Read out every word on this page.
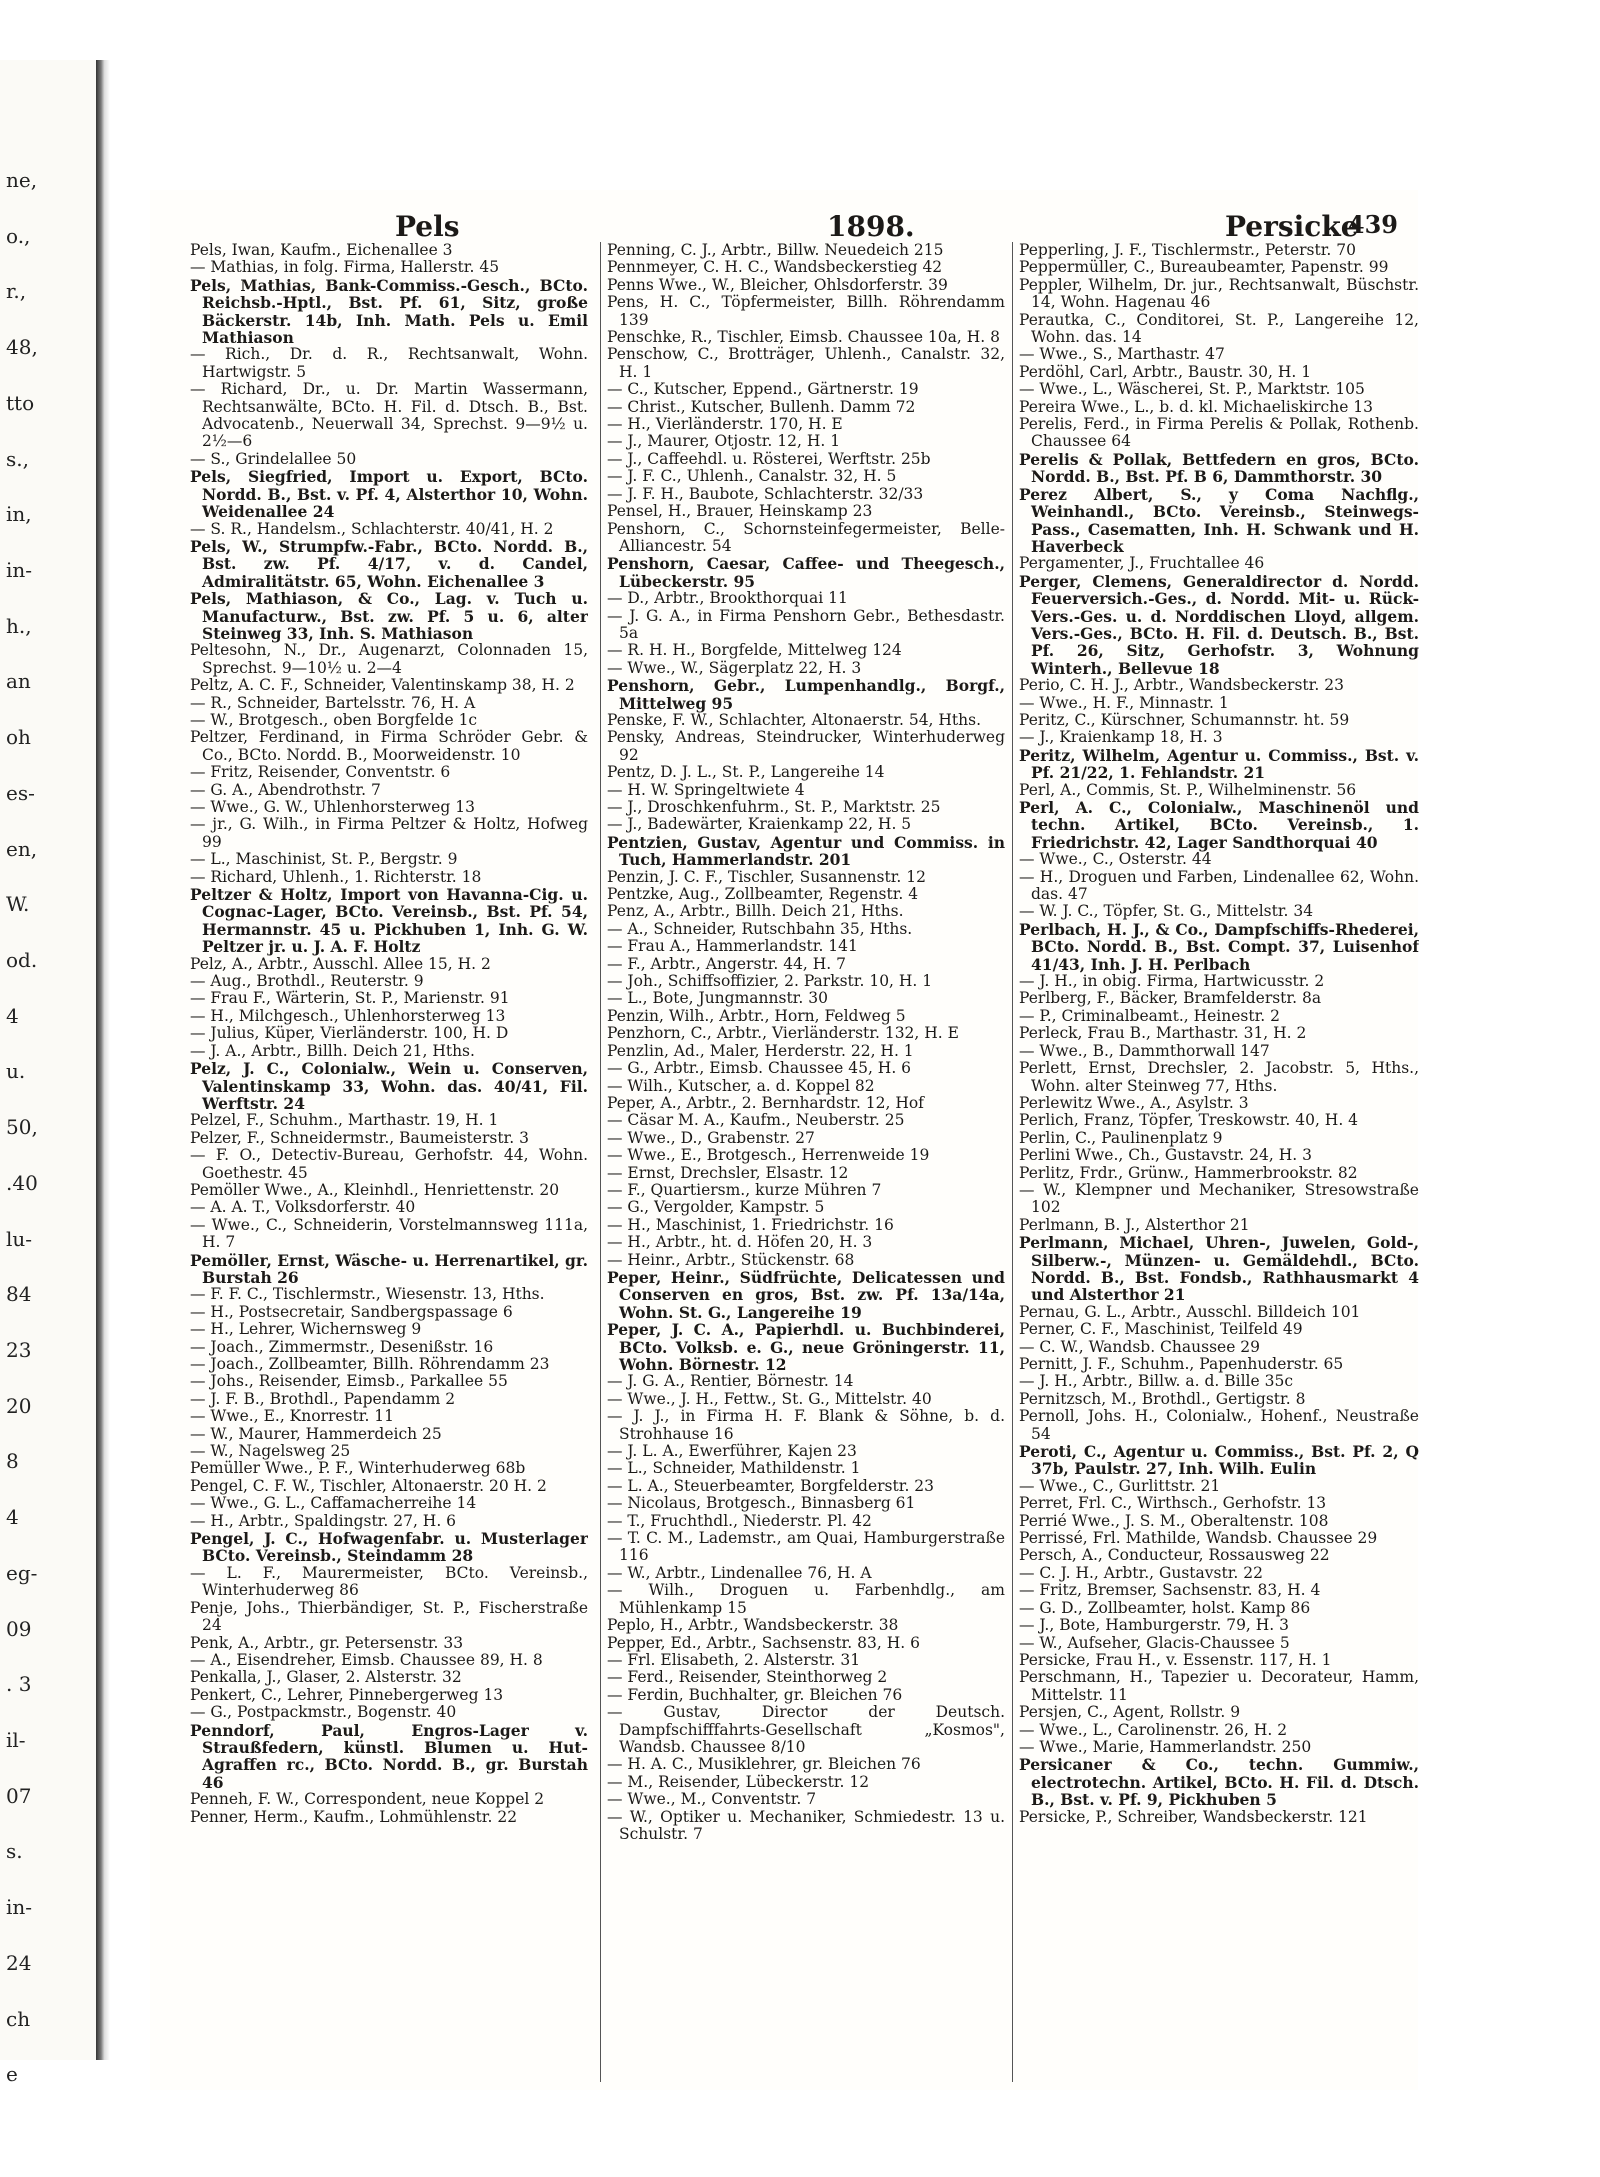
ne,
o.,
r.,
48,
tto
s.,
in,
in-
h.,
an
oh
es-
en,
W.
od.
4
u.
50,
.40
lu-
84
23
20
8
4
eg-
09
. 3
il-
07
s.
in-
24
ch
e
Pels	1898.	Persicke
439

Pels, Iwan, Kaufm., Eichenallee 3

— Mathias, in folg. Firma, Hallerstr. 45

Pels, Mathias, Bank-Commiss.-Gesch., BCto. Reichsb.-Hptl., Bst. Pf. 61, Sitz, große Bäckerstr. 14b, Inh. Math. Pels u. Emil Mathiason

— Rich., Dr. d. R., Rechtsanwalt, Wohn. Hartwigstr. 5

— Richard, Dr., u. Dr. Martin Wassermann, Rechtsanwälte, BCto. H. Fil. d. Dtsch. B., Bst. Advocatenb., Neuerwall 34, Sprechst. 9—9½ u. 2½—6

— S., Grindelallee 50

Pels, Siegfried, Import u. Export, BCto. Nordd. B., Bst. v. Pf. 4, Alsterthor 10, Wohn. Weidenallee 24

— S. R., Handelsm., Schlachterstr. 40/41, H. 2

Pels, W., Strumpfw.-Fabr., BCto. Nordd. B., Bst. zw. Pf. 4/17, v. d. Candel, Admiralitätstr. 65, Wohn. Eichenallee 3

Pels, Mathiason, & Co., Lag. v. Tuch u. Manufacturw., Bst. zw. Pf. 5 u. 6, alter Steinweg 33, Inh. S. Mathiason

Peltesohn, N., Dr., Augenarzt, Colonnaden 15, Sprechst. 9—10½ u. 2—4

Peltz, A. C. F., Schneider, Valentinskamp 38, H. 2

— R., Schneider, Bartelsstr. 76, H. A

— W., Brotgesch., oben Borgfelde 1c

Peltzer, Ferdinand, in Firma Schröder Gebr. & Co., BCto. Nordd. B., Moorweidenstr. 10

— Fritz, Reisender, Conventstr. 6

— G. A., Abendrothstr. 7

— Wwe., G. W., Uhlenhorsterweg 13

— jr., G. Wilh., in Firma Peltzer & Holtz, Hofweg 99

— L., Maschinist, St. P., Bergstr. 9

— Richard, Uhlenh., 1. Richterstr. 18

Peltzer & Holtz, Import von Havanna-Cig. u. Cognac-Lager, BCto. Vereinsb., Bst. Pf. 54, Hermannstr. 45 u. Pickhuben 1, Inh. G. W. Peltzer jr. u. J. A. F. Holtz

Pelz, A., Arbtr., Ausschl. Allee 15, H. 2

— Aug., Brothdl., Reuterstr. 9

— Frau F., Wärterin, St. P., Marienstr. 91

— H., Milchgesch., Uhlenhorsterweg 13

— Julius, Küper, Vierländerstr. 100, H. D

— J. A., Arbtr., Billh. Deich 21, Hths.

Pelz, J. C., Colonialw., Wein u. Conserven, Valentinskamp 33, Wohn. das. 40/41, Fil. Werftstr. 24

Pelzel, F., Schuhm., Marthastr. 19, H. 1

Pelzer, F., Schneidermstr., Baumeisterstr. 3

— F. O., Detectiv-Bureau, Gerhofstr. 44, Wohn. Goethestr. 45

Pemöller Wwe., A., Kleinhdl., Henriettenstr. 20

— A. A. T., Volksdorferstr. 40

— Wwe., C., Schneiderin, Vorstelmannsweg 111a, H. 7

Pemöller, Ernst, Wäsche- u. Herrenartikel, gr. Burstah 26

— F. F. C., Tischlermstr., Wiesenstr. 13, Hths.

— H., Postsecretair, Sandbergspassage 6

— H., Lehrer, Wichernsweg 9

— Joach., Zimmermstr., Desenißstr. 16

— Joach., Zollbeamter, Billh. Röhrendamm 23

— Johs., Reisender, Eimsb., Parkallee 55

— J. F. B., Brothdl., Papendamm 2

— Wwe., E., Knorrestr. 11

— W., Maurer, Hammerdeich 25

— W., Nagelsweg 25

Pemüller Wwe., P. F., Winterhuderweg 68b

Pengel, C. F. W., Tischler, Altonaerstr. 20 H. 2

— Wwe., G. L., Caffamacherreihe 14

— H., Arbtr., Spaldingstr. 27, H. 6

Pengel, J. C., Hofwagenfabr. u. Musterlager BCto. Vereinsb., Steindamm 28

— L. F., Maurermeister, BCto. Vereinsb., Winterhuderweg 86

Penje, Johs., Thierbändiger, St. P., Fischerstraße 24

Penk, A., Arbtr., gr. Petersenstr. 33

— A., Eisendreher, Eimsb. Chaussee 89, H. 8

Penkalla, J., Glaser, 2. Alsterstr. 32

Penkert, C., Lehrer, Pinnebergerweg 13

— G., Postpackmstr., Bogenstr. 40

Penndorf, Paul, Engros-Lager v. Straußfedern, künstl. Blumen u. Hut-Agraffen rc., BCto. Nordd. B., gr. Burstah 46

Penneh, F. W., Correspondent, neue Koppel 2

Penner, Herm., Kaufm., Lohmühlenstr. 22

Penning, C. J., Arbtr., Billw. Neuedeich 215

Pennmeyer, C. H. C., Wandsbeckerstieg 42

Penns Wwe., W., Bleicher, Ohlsdorferstr. 39

Pens, H. C., Töpfermeister, Billh. Röhrendamm 139

Penschke, R., Tischler, Eimsb. Chaussee 10a, H. 8

Penschow, C., Brotträger, Uhlenh., Canalstr. 32, H. 1

— C., Kutscher, Eppend., Gärtnerstr. 19

— Christ., Kutscher, Bullenh. Damm 72

— H., Vierländerstr. 170, H. E

— J., Maurer, Otjostr. 12, H. 1

— J., Caffeehdl. u. Rösterei, Werftstr. 25b

— J. F. C., Uhlenh., Canalstr. 32, H. 5

— J. F. H., Baubote, Schlachterstr. 32/33

Pensel, H., Brauer, Heinskamp 23

Penshorn, C., Schornsteinfegermeister, Belle-Alliancestr. 54

Penshorn, Caesar, Caffee- und Theegesch., Lübeckerstr. 95

— D., Arbtr., Brookthorquai 11

— J. G. A., in Firma Penshorn Gebr., Bethesdastr. 5a

— R. H. H., Borgfelde, Mittelweg 124

— Wwe., W., Sägerplatz 22, H. 3

Penshorn, Gebr., Lumpenhandlg., Borgf., Mittelweg 95

Penske, F. W., Schlachter, Altonaerstr. 54, Hths.

Pensky, Andreas, Steindrucker, Winterhuderweg 92

Pentz, D. J. L., St. P., Langereihe 14

— H. W. Springeltwiete 4

— J., Droschkenfuhrm., St. P., Marktstr. 25

— J., Badewärter, Kraienkamp 22, H. 5

Pentzien, Gustav, Agentur und Commiss. in Tuch, Hammerlandstr. 201

Penzin, J. C. F., Tischler, Susannenstr. 12

Pentzke, Aug., Zollbeamter, Regenstr. 4

Penz, A., Arbtr., Billh. Deich 21, Hths.

— A., Schneider, Rutschbahn 35, Hths.

— Frau A., Hammerlandstr. 141

— F., Arbtr., Angerstr. 44, H. 7

— Joh., Schiffsoffizier, 2. Parkstr. 10, H. 1

— L., Bote, Jungmannstr. 30

Penzin, Wilh., Arbtr., Horn, Feldweg 5

Penzhorn, C., Arbtr., Vierländerstr. 132, H. E

Penzlin, Ad., Maler, Herderstr. 22, H. 1

— G., Arbtr., Eimsb. Chaussee 45, H. 6

— Wilh., Kutscher, a. d. Koppel 82

Peper, A., Arbtr., 2. Bernhardstr. 12, Hof

— Cäsar M. A., Kaufm., Neuberstr. 25

— Wwe., D., Grabenstr. 27

— Wwe., E., Brotgesch., Herrenweide 19

— Ernst, Drechsler, Elsastr. 12

— F., Quartiersm., kurze Mühren 7

— G., Vergolder, Kampstr. 5

— H., Maschinist, 1. Friedrichstr. 16

— H., Arbtr., ht. d. Höfen 20, H. 3

— Heinr., Arbtr., Stückenstr. 68

Peper, Heinr., Südfrüchte, Delicatessen und Conserven en gros, Bst. zw. Pf. 13a/14a, Wohn. St. G., Langereihe 19

Peper, J. C. A., Papierhdl. u. Buchbinderei, BCto. Volksb. e. G., neue Gröningerstr. 11, Wohn. Börnestr. 12

— J. G. A., Rentier, Börnestr. 14

— Wwe., J. H., Fettw., St. G., Mittelstr. 40

— J. J., in Firma H. F. Blank & Söhne, b. d. Strohhause 16

— J. L. A., Ewerführer, Kajen 23

— L., Schneider, Mathildenstr. 1

— L. A., Steuerbeamter, Borgfelderstr. 23

— Nicolaus, Brotgesch., Binnasberg 61

— T., Fruchthdl., Niederstr. Pl. 42

— T. C. M., Lademstr., am Quai, Hamburgerstraße 116

— W., Arbtr., Lindenallee 76, H. A

— Wilh., Droguen u. Farbenhdlg., am Mühlenkamp 15

Peplo, H., Arbtr., Wandsbeckerstr. 38

Pepper, Ed., Arbtr., Sachsenstr. 83, H. 6

— Frl. Elisabeth, 2. Alsterstr. 31

— Ferd., Reisender, Steinthorweg 2

— Ferdin, Buchhalter, gr. Bleichen 76

— Gustav, Director der Deutsch. Dampfschifffahrts-Gesellschaft „Kosmos", Wandsb. Chaussee 8/10

— H. A. C., Musiklehrer, gr. Bleichen 76

— M., Reisender, Lübeckerstr. 12

— Wwe., M., Conventstr. 7

— W., Optiker u. Mechaniker, Schmiedestr. 13 u. Schulstr. 7

Pepperling, J. F., Tischlermstr., Peterstr. 70

Peppermüller, C., Bureaubeamter, Papenstr. 99

Peppler, Wilhelm, Dr. jur., Rechtsanwalt, Büschstr. 14, Wohn. Hagenau 46

Perautka, C., Conditorei, St. P., Langereihe 12, Wohn. das. 14

— Wwe., S., Marthastr. 47

Perdöhl, Carl, Arbtr., Baustr. 30, H. 1

— Wwe., L., Wäscherei, St. P., Marktstr. 105

Pereira Wwe., L., b. d. kl. Michaeliskirche 13

Perelis, Ferd., in Firma Perelis & Pollak, Rothenb. Chaussee 64

Perelis & Pollak, Bettfedern en gros, BCto. Nordd. B., Bst. Pf. B 6, Dammthorstr. 30

Perez Albert, S., y Coma Nachflg., Weinhandl., BCto. Vereinsb., Steinwegs-Pass., Casematten, Inh. H. Schwank und H. Haverbeck

Pergamenter, J., Fruchtallee 46

Perger, Clemens, Generaldirector d. Nordd. Feuerversich.-Ges., d. Nordd. Mit- u. Rück-Vers.-Ges. u. d. Norddischen Lloyd, allgem. Vers.-Ges., BCto. H. Fil. d. Deutsch. B., Bst. Pf. 26, Sitz, Gerhofstr. 3, Wohnung Winterh., Bellevue 18

Perio, C. H. J., Arbtr., Wandsbeckerstr. 23

— Wwe., H. F., Minnastr. 1

Peritz, C., Kürschner, Schumannstr. ht. 59

— J., Kraienkamp 18, H. 3

Peritz, Wilhelm, Agentur u. Commiss., Bst. v. Pf. 21/22, 1. Fehlandstr. 21

Perl, A., Commis, St. P., Wilhelminenstr. 56

Perl, A. C., Colonialw., Maschinenöl und techn. Artikel, BCto. Vereinsb., 1. Friedrichstr. 42, Lager Sandthorquai 40

— Wwe., C., Osterstr. 44

— H., Droguen und Farben, Lindenallee 62, Wohn. das. 47

— W. J. C., Töpfer, St. G., Mittelstr. 34

Perlbach, H. J., & Co., Dampfschiffs-Rhederei, BCto. Nordd. B., Bst. Compt. 37, Luisenhof 41/43, Inh. J. H. Perlbach

— J. H., in obig. Firma, Hartwicusstr. 2

Perlberg, F., Bäcker, Bramfelderstr. 8a

— P., Criminalbeamt., Heinestr. 2

Perleck, Frau B., Marthastr. 31, H. 2

— Wwe., B., Dammthorwall 147

Perlett, Ernst, Drechsler, 2. Jacobstr. 5, Hths., Wohn. alter Steinweg 77, Hths.

Perlewitz Wwe., A., Asylstr. 3

Perlich, Franz, Töpfer, Treskowstr. 40, H. 4

Perlin, C., Paulinenplatz 9

Perlini Wwe., Ch., Gustavstr. 24, H. 3

Perlitz, Frdr., Grünw., Hammerbrookstr. 82

— W., Klempner und Mechaniker, Stresowstraße 102

Perlmann, B. J., Alsterthor 21

Perlmann, Michael, Uhren-, Juwelen, Gold-, Silberw.-, Münzen- u. Gemäldehdl., BCto. Nordd. B., Bst. Fondsb., Rathhausmarkt 4 und Alsterthor 21

Pernau, G. L., Arbtr., Ausschl. Billdeich 101

Perner, C. F., Maschinist, Teilfeld 49

— C. W., Wandsb. Chaussee 29

Pernitt, J. F., Schuhm., Papenhuderstr. 65

— J. H., Arbtr., Billw. a. d. Bille 35c

Pernitzsch, M., Brothdl., Gertigstr. 8

Pernoll, Johs. H., Colonialw., Hohenf., Neustraße 54

Peroti, C., Agentur u. Commiss., Bst. Pf. 2, Q 37b, Paulstr. 27, Inh. Wilh. Eulin

— Wwe., C., Gurlittstr. 21

Perret, Frl. C., Wirthsch., Gerhofstr. 13

Perrié Wwe., J. S. M., Oberaltenstr. 108

Perrissé, Frl. Mathilde, Wandsb. Chaussee 29

Persch, A., Conducteur, Rossausweg 22

— C. J. H., Arbtr., Gustavstr. 22

— Fritz, Bremser, Sachsenstr. 83, H. 4

— G. D., Zollbeamter, holst. Kamp 86

— J., Bote, Hamburgerstr. 79, H. 3

— W., Aufseher, Glacis-Chaussee 5

Persicke, Frau H., v. Essenstr. 117, H. 1

Perschmann, H., Tapezier u. Decorateur, Hamm, Mittelstr. 11

Persjen, C., Agent, Rollstr. 9

— Wwe., L., Carolinenstr. 26, H. 2

— Wwe., Marie, Hammerlandstr. 250

Persicaner & Co., techn. Gummiw., electrotechn. Artikel, BCto. H. Fil. d. Dtsch. B., Bst. v. Pf. 9, Pickhuben 5

Persicke, P., Schreiber, Wandsbeckerstr. 121
